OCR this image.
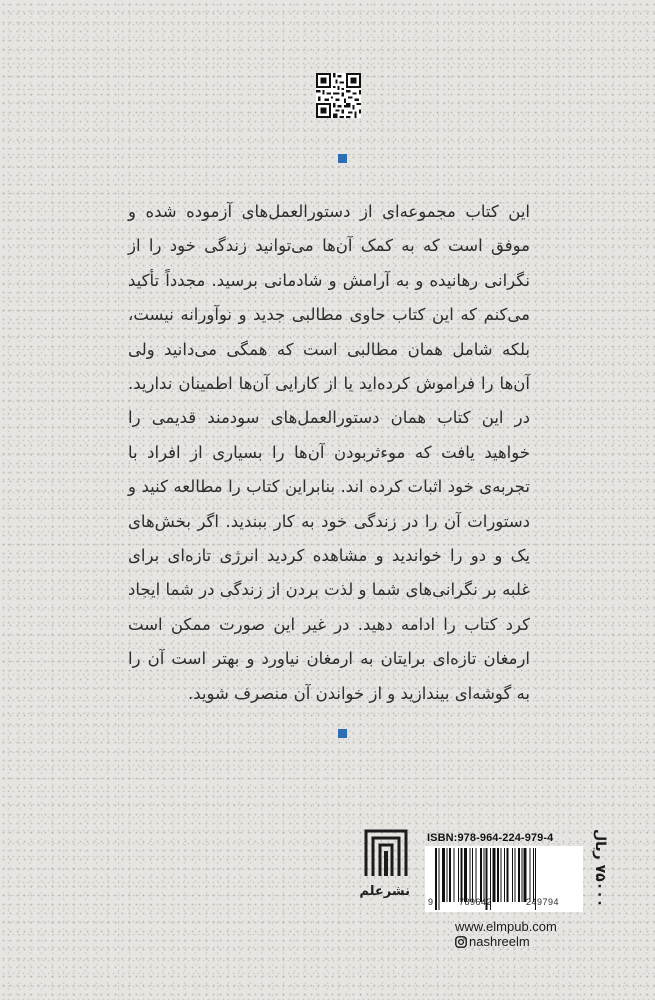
این کتاب مجموعه‌ای از دستورالعمل‌های آزموده شده و موفق است که به کمک آن‌ها می‌توانید زندگی خود را از نگرانی رهانیده و به آرامش و شادمانی برسید. مجدداً تأکید می‌کنم که این کتاب حاوی مطالبی جدید و نوآورانه نیست، بلکه شامل همان مطالبی است که همگی می‌دانید ولی آن‌ها را فراموش کرده‌اید یا از کارایی آن‌ها اطمینان ندارید. در این کتاب همان دستورالعمل‌های سودمند قدیمی را خواهید یافت که موءثربودن آن‌ها را بسیاری از افراد با تجربه‌ی خود اثبات کرده اند. بنابراین کتاب را مطالعه کنید و دستورات آن را در زندگی خود به کار ببندید. اگر بخش‌های یک و دو را خواندید و مشاهده کردید انرژی تازه‌ای برای غلبه بر نگرانی‌های شما و لذت بردن از زندگی در شما ایجاد کرد کتاب را ادامه دهید. در غیر این صورت ممکن است ارمغان تازه‌ای برایتان به ارمغان نیاورد و بهتر است آن را به گوشه‌ای بیندازید و از خواندن آن منصرف شوید.

نشرعلم
ISBN:978-964-224-979-4
9	789642	249794
۷۵۰۰۰ ریال
www.elmpub.com
nashreelm
